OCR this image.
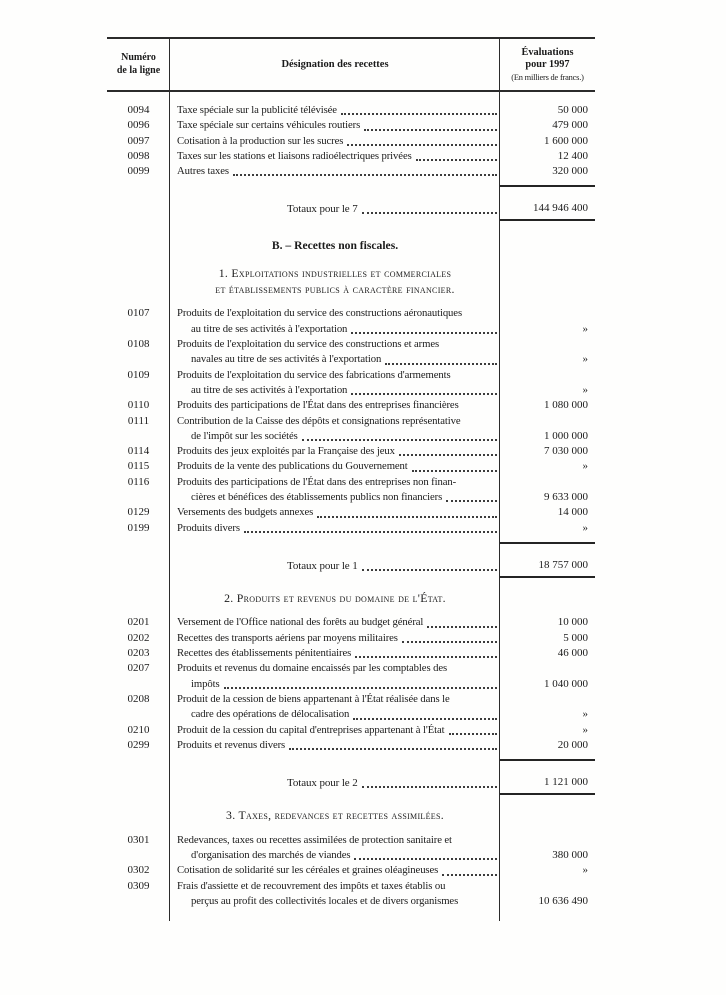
Numéro
de la ligne	Désignation des recettes
Évaluations
pour 1997
(En milliers de francs.)
0094	Taxe spéciale sur la publicité télévisée	50 000
0096	Taxe spéciale sur certains véhicules routiers	479 000
0097	Cotisation à la production sur les sucres	1 600 000
0098	Taxes sur les stations et liaisons radioélectriques privées	12 400
0099	Autres taxes	320 000
Totaux pour le 7	144 946 400
B. – Recettes non fiscales.
1. Exploitations industrielles et commerciales
et établissements publics à caractère financier.
0107	Produits de l'exploitation du service des constructions aéronautiques
au titre de ses activités à l'exportation	»
0108	Produits de l'exploitation du service des constructions et armes
navales au titre de ses activités à l'exportation	»
0109	Produits de l'exploitation du service des fabrications d'armements
au titre de ses activités à l'exportation	»
0110	Produits des participations de l'État dans des entreprises financières	1 080 000
0111	Contribution de la Caisse des dépôts et consignations représentative
de l'impôt sur les sociétés	1 000 000
0114	Produits des jeux exploités par la Française des jeux	7 030 000
0115	Produits de la vente des publications du Gouvernement	»
0116	Produits des participations de l'État dans des entreprises non finan-
cières et bénéfices des établissements publics non financiers	9 633 000
0129	Versements des budgets annexes	14 000
0199	Produits divers	»
Totaux pour le 1	18 757 000
2. Produits et revenus du domaine de l'État.
0201	Versement de l'Office national des forêts au budget général	10 000
0202	Recettes des transports aériens par moyens militaires	5 000
0203	Recettes des établissements pénitentiaires	46 000
0207	Produits et revenus du domaine encaissés par les comptables des
impôts	1 040 000
0208	Produit de la cession de biens appartenant à l'État réalisée dans le
cadre des opérations de délocalisation	»
0210	Produit de la cession du capital d'entreprises appartenant à l'État	»
0299	Produits et revenus divers	20 000
Totaux pour le 2	1 121 000
3. Taxes, redevances et recettes assimilées.
0301	Redevances, taxes ou recettes assimilées de protection sanitaire et
d'organisation des marchés de viandes	380 000
0302	Cotisation de solidarité sur les céréales et graines oléagineuses	»
0309	Frais d'assiette et de recouvrement des impôts et taxes établis ou
perçus au profit des collectivités locales et de divers organismes	10 636 490
